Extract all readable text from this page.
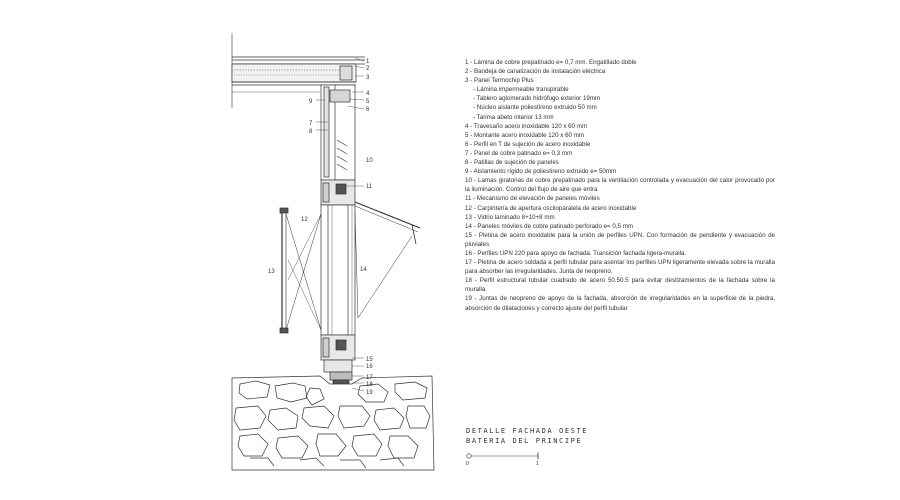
1
2
3
4
5
6
7
8
9
10
11
12
13	14
15
16
17
18
19
1 - Lámina de cobre prepatinado e= 0,7 mm. Engatillado doble
2 - Bandeja de canalización de instalación eléctrica
3 - Panel Termochip Plus
- Lámina impermeable transpirable
- Tablero aglomerado hidrófugo exterior 19mm
- Núcleo aislante poliestireno extruido 50 mm
- Tarima abeto interior 13 mm
4 - Travesaño acero inoxidable 120 x 60 mm
5 - Montante acero inoxidable 120 x 60 mm
6 - Perfil en T de sujeción de acero inoxidable
7 - Panel de cobre patinado e= 0,3 mm
8 - Patillas de sujeción de paneles
9 - Aislamiento rígido de poliestireno extruido e= 50mm
10 - Lamas giratorias de cobre prepatinado para la ventilación controlada y evacuación del calor provocado por la iluminación. Control del flujo de aire que entra
11 - Mecanismo de elevación de paneles móviles
12 - Carpintería de apertura osciloparalela de acero inoxidable
13 - Vidrio laminado 8+10+8 mm
14 - Paneles móviles de cobre patinado perforado e= 0,5 mm
15 - Pletina de acero inoxidable para la unión de perfiles UPN. Con formación de pendiente y evacuación de pluviales
16 - Perfiles UPN 220 para apoyo de fachada. Transición fachada ligera-muralla.
17 - Pletina de acero soldada a perfil tubular para asentar los perfiles UPN ligeramente elevada sobre la muralla para absorber las irregularidades. Junta de neopreno.
18 - Perfil estructural tubular cuadrado de acero 50.50.5 para evitar deslizamientos de la fachada sobre la muralla
19 - Juntas de neopreno de apoyo de la fachada, absorción de irregularidades en la superficie de la piedra, absorción de dilataciones y correcto ajuste del perfil tubular
DETALLE FACHADA OESTE
BATERIA DEL PRINCIPE
0	1
